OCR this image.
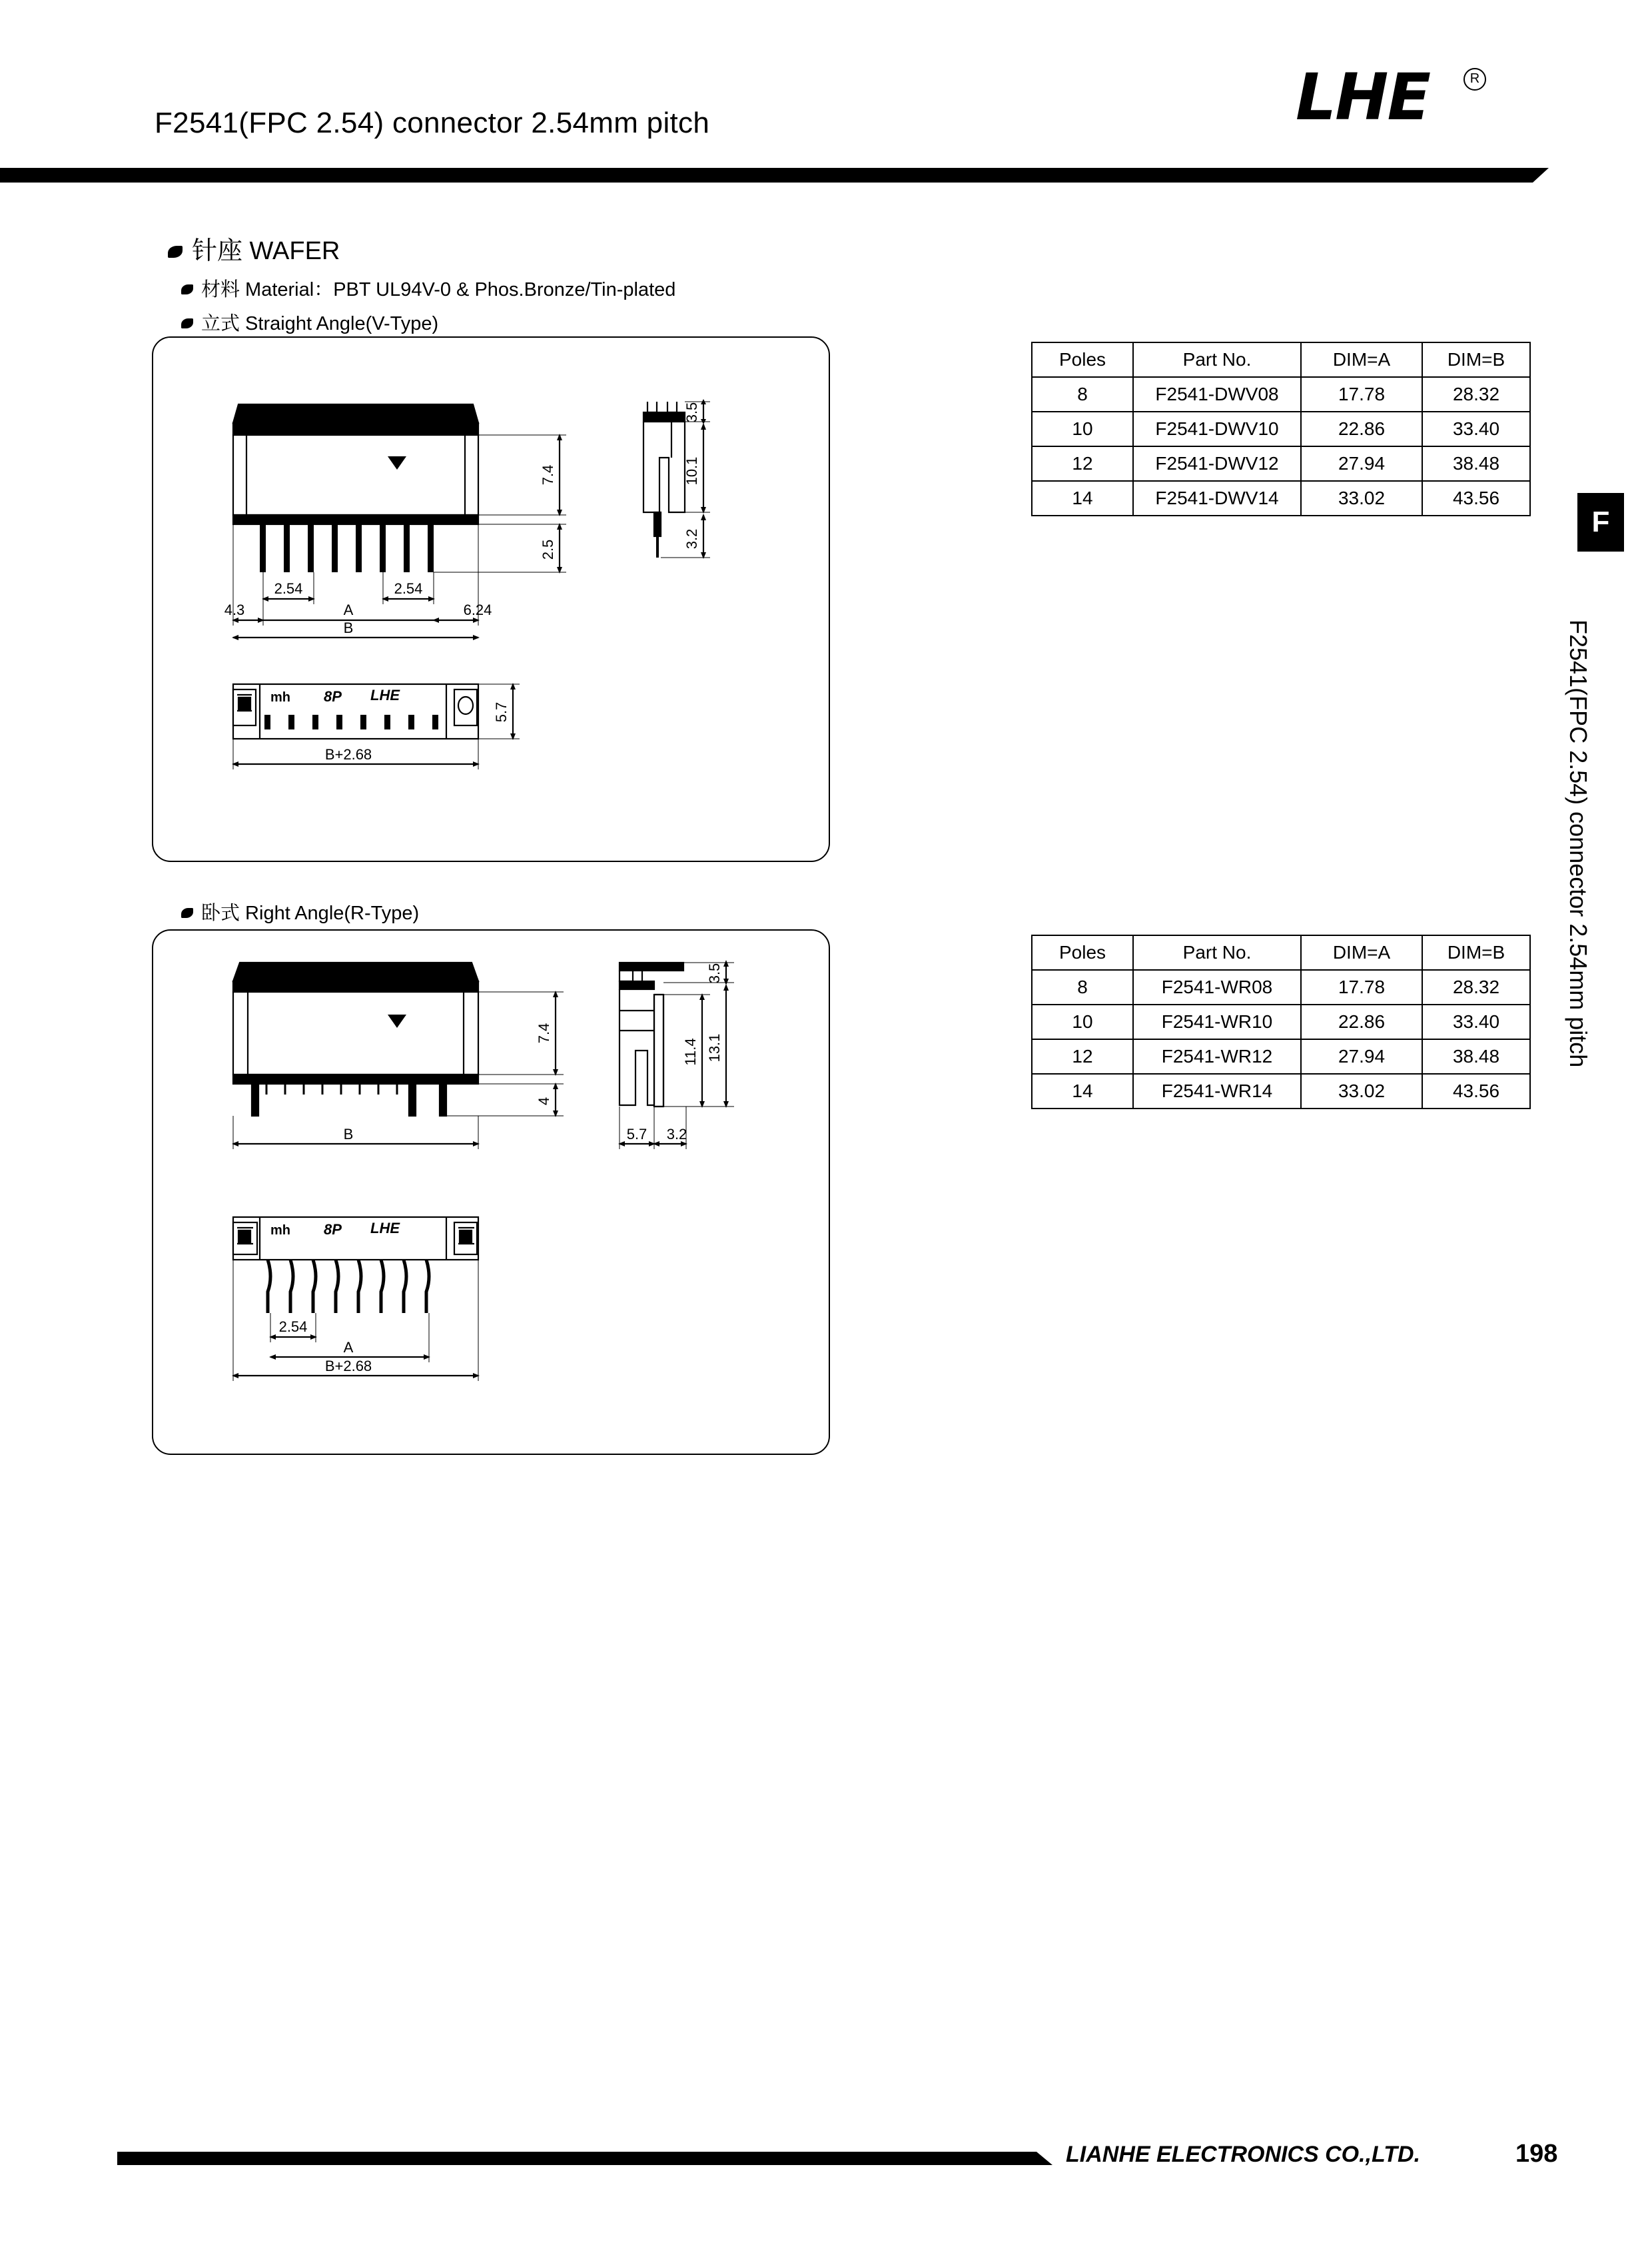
F2541(FPC 2.54) connector 2.54mm pitch	LHE	R
F
F2541(FPC 2.54) connector 2.54mm pitch
针座 WAFER
材料 Material：PBT UL94V-0 & Phos.Bronze/Tin-plated
立式 Straight Angle(V-Type)
卧式 Right Angle(R-Type)
3.5
10.1
3.2
7.4
2.5
2.54	2.54
4.3	6.24
A
B
mh 8P LHE
5.7
B+2.68
3.5
13.1
11.4
7.4
4
B	5.7 3.2
mh 8P LHE
2.54
A
B+2.68
Poles	Part No.	DIM=A	DIM=B
8	F2541-DWV08	17.78	28.32
10	F2541-DWV10	22.86	33.40
12	F2541-DWV12	27.94	38.48
14	F2541-DWV14	33.02	43.56
Poles	Part No.	DIM=A	DIM=B
8	F2541-WR08	17.78	28.32
10	F2541-WR10	22.86	33.40
12	F2541-WR12	27.94	38.48
14	F2541-WR14	33.02	43.56
LIANHE ELECTRONICS CO.,LTD.	198
